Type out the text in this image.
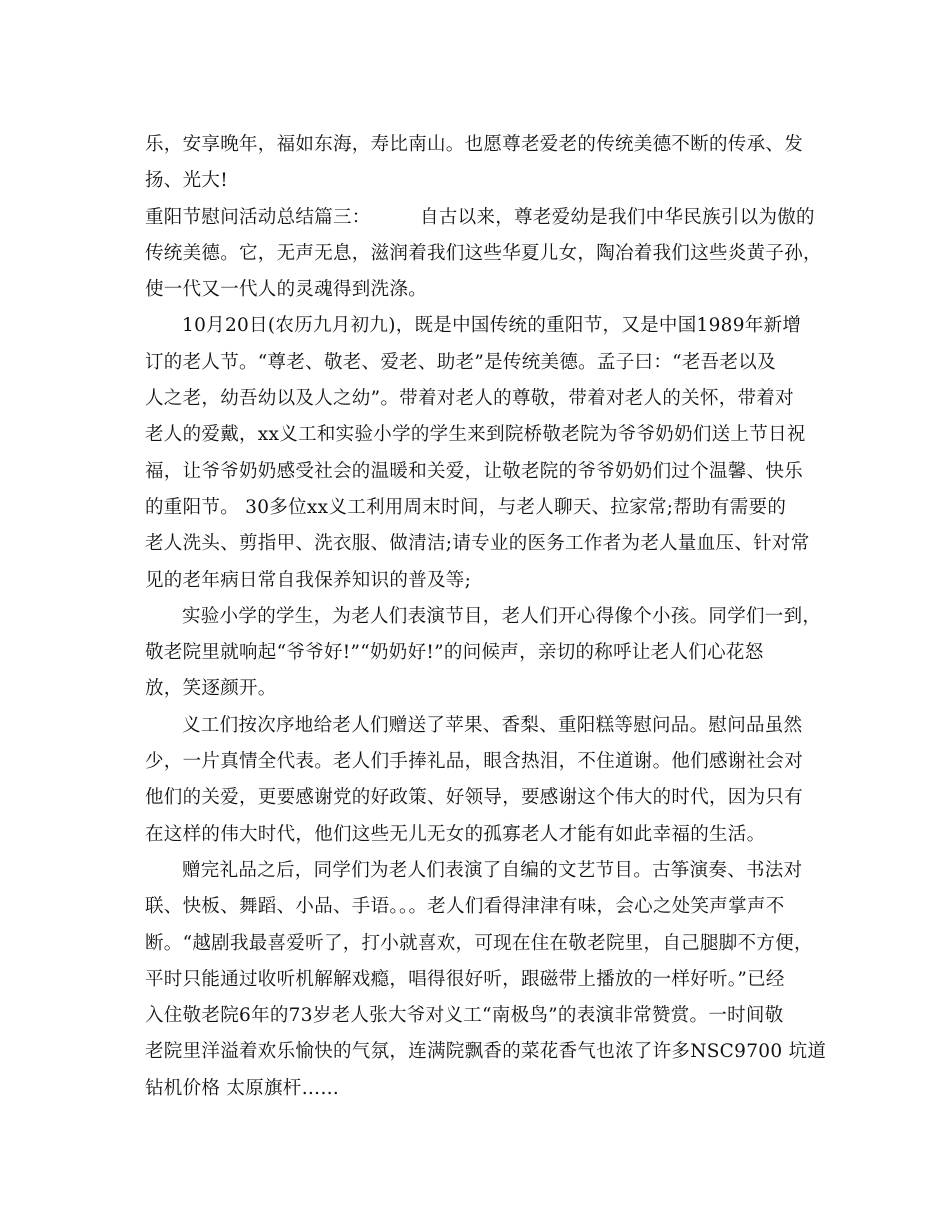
乐，安享晚年，福如东海，寿比南山。也愿尊老爱老的传统美德不断的传承、发
扬、光大!
重阳节慰问活动总结篇三：        自古以来，尊老爱幼是我们中华民族引以为傲的
传统美德。它，无声无息，滋润着我们这些华夏儿女，陶冶着我们这些炎黄子孙，
使一代又一代人的灵魂得到洗涤。
10月20日(农历九月初九)，既是中国传统的重阳节，又是中国1989年新增
订的老人节。“尊老、敬老、爱老、助老”是传统美德。孟子曰：“老吾老以及
人之老，幼吾幼以及人之幼”。带着对老人的尊敬，带着对老人的关怀，带着对
老人的爱戴，xx义工和实验小学的学生来到院桥敬老院为爷爷奶奶们送上节日祝
福，让爷爷奶奶感受社会的温暖和关爱，让敬老院的爷爷奶奶们过个温馨、快乐
的重阳节。 30多位xx义工利用周末时间，与老人聊天、拉家常;帮助有需要的
老人洗头、剪指甲、洗衣服、做清洁;请专业的医务工作者为老人量血压、针对常
见的老年病日常自我保养知识的普及等;
实验小学的学生，为老人们表演节目，老人们开心得像个小孩。同学们一到，
敬老院里就响起“爷爷好!”“奶奶好!”的问候声，亲切的称呼让老人们心花怒
放，笑逐颜开。
义工们按次序地给老人们赠送了苹果、香梨、重阳糕等慰问品。慰问品虽然
少，一片真情全代表。老人们手捧礼品，眼含热泪，不住道谢。他们感谢社会对
他们的关爱，更要感谢党的好政策、好领导，要感谢这个伟大的时代，因为只有
在这样的伟大时代，他们这些无儿无女的孤寡老人才能有如此幸福的生活。
赠完礼品之后，同学们为老人们表演了自编的文艺节目。古筝演奏、书法对
联、快板、舞蹈、小品、手语。。。老人们看得津津有味，会心之处笑声掌声不
断。“越剧我最喜爱听了，打小就喜欢，可现在住在敬老院里，自己腿脚不方便，
平时只能通过收听机解解戏瘾，唱得很好听，跟磁带上播放的一样好听。”已经
入住敬老院6年的73岁老人张大爷对义工“南极鸟”的表演非常赞赏。一时间敬
老院里洋溢着欢乐愉快的气氛，连满院飘香的菜花香气也浓了许多NSC9700 坑道
钻机价格 太原旗杆……
